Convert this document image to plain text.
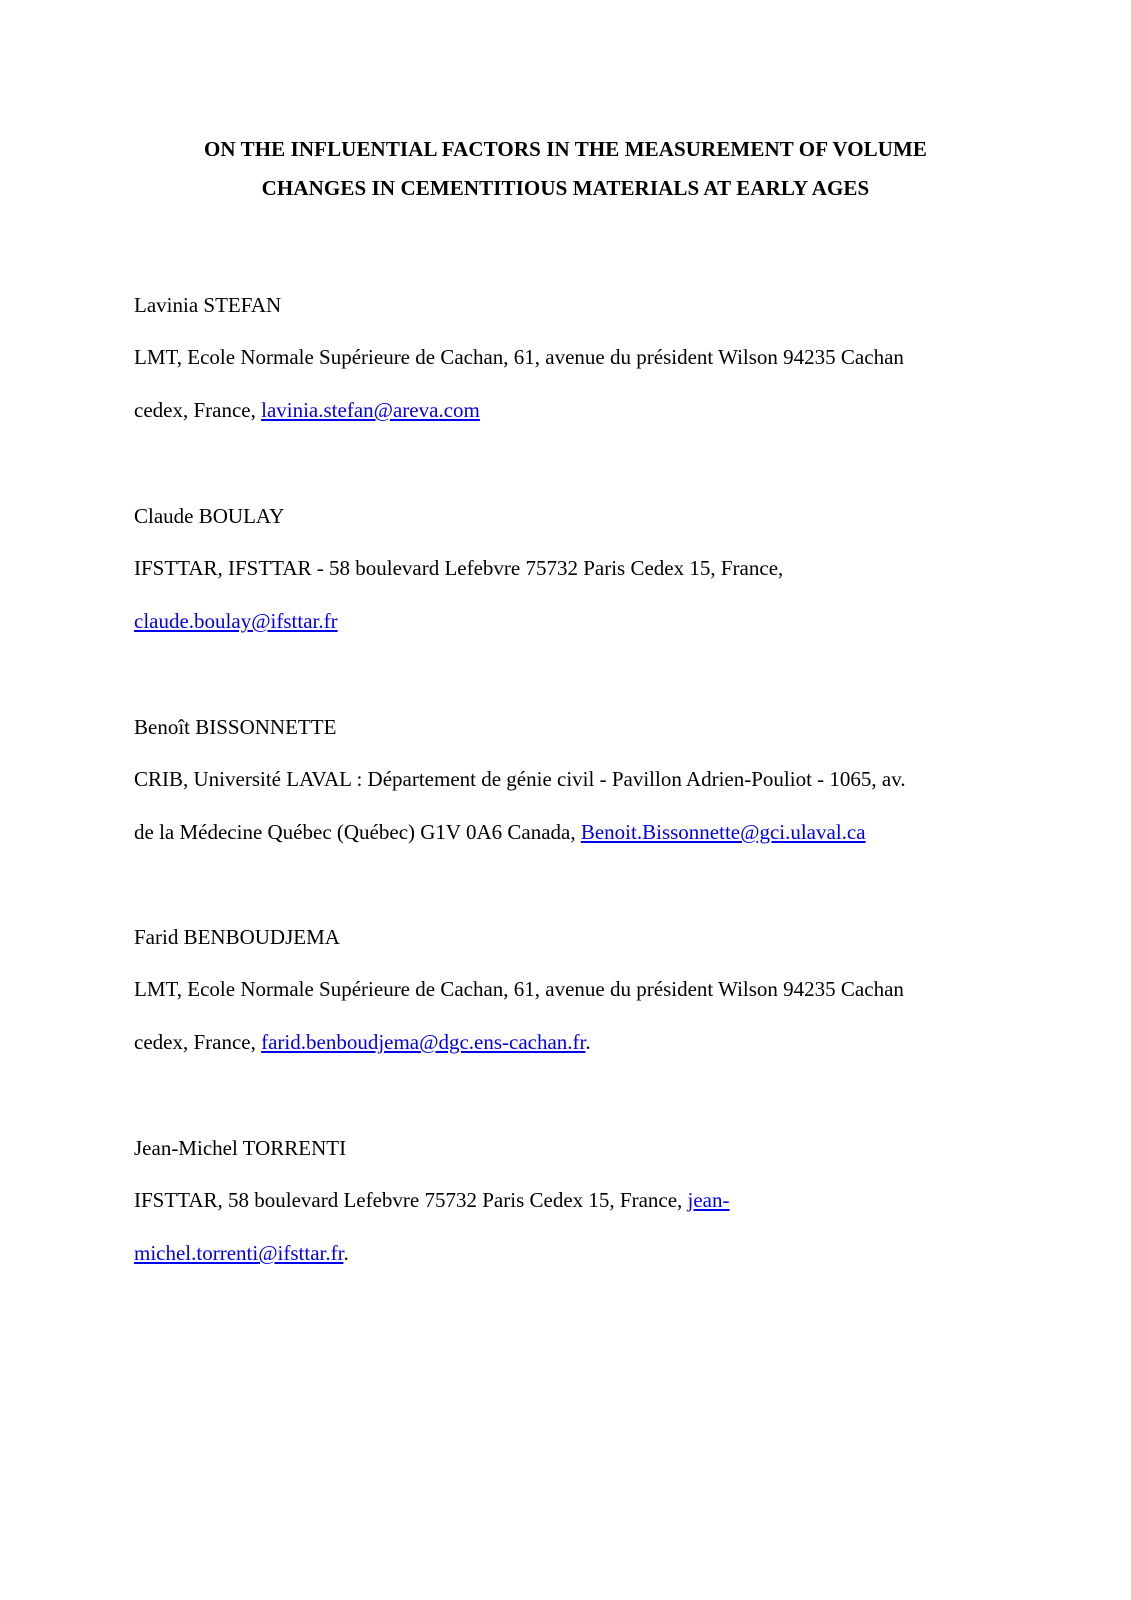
ON THE INFLUENTIAL FACTORS IN THE MEASUREMENT OF VOLUME
CHANGES IN CEMENTITIOUS MATERIALS AT EARLY AGES
Lavinia STEFAN
LMT, Ecole Normale Supérieure de Cachan, 61, avenue du président Wilson 94235 Cachan
cedex, France, lavinia.stefan@areva.com
Claude BOULAY
IFSTTAR, IFSTTAR - 58 boulevard Lefebvre 75732 Paris Cedex 15, France,
claude.boulay@ifsttar.fr
Benoît BISSONNETTE
CRIB, Université LAVAL : Département de génie civil - Pavillon Adrien-Pouliot - 1065, av.
de la Médecine Québec (Québec) G1V 0A6 Canada, Benoit.Bissonnette@gci.ulaval.ca
Farid BENBOUDJEMA
LMT, Ecole Normale Supérieure de Cachan, 61, avenue du président Wilson 94235 Cachan
cedex, France, farid.benboudjema@dgc.ens-cachan.fr.
Jean-Michel TORRENTI
IFSTTAR, 58 boulevard Lefebvre 75732 Paris Cedex 15, France, jean-
michel.torrenti@ifsttar.fr.
